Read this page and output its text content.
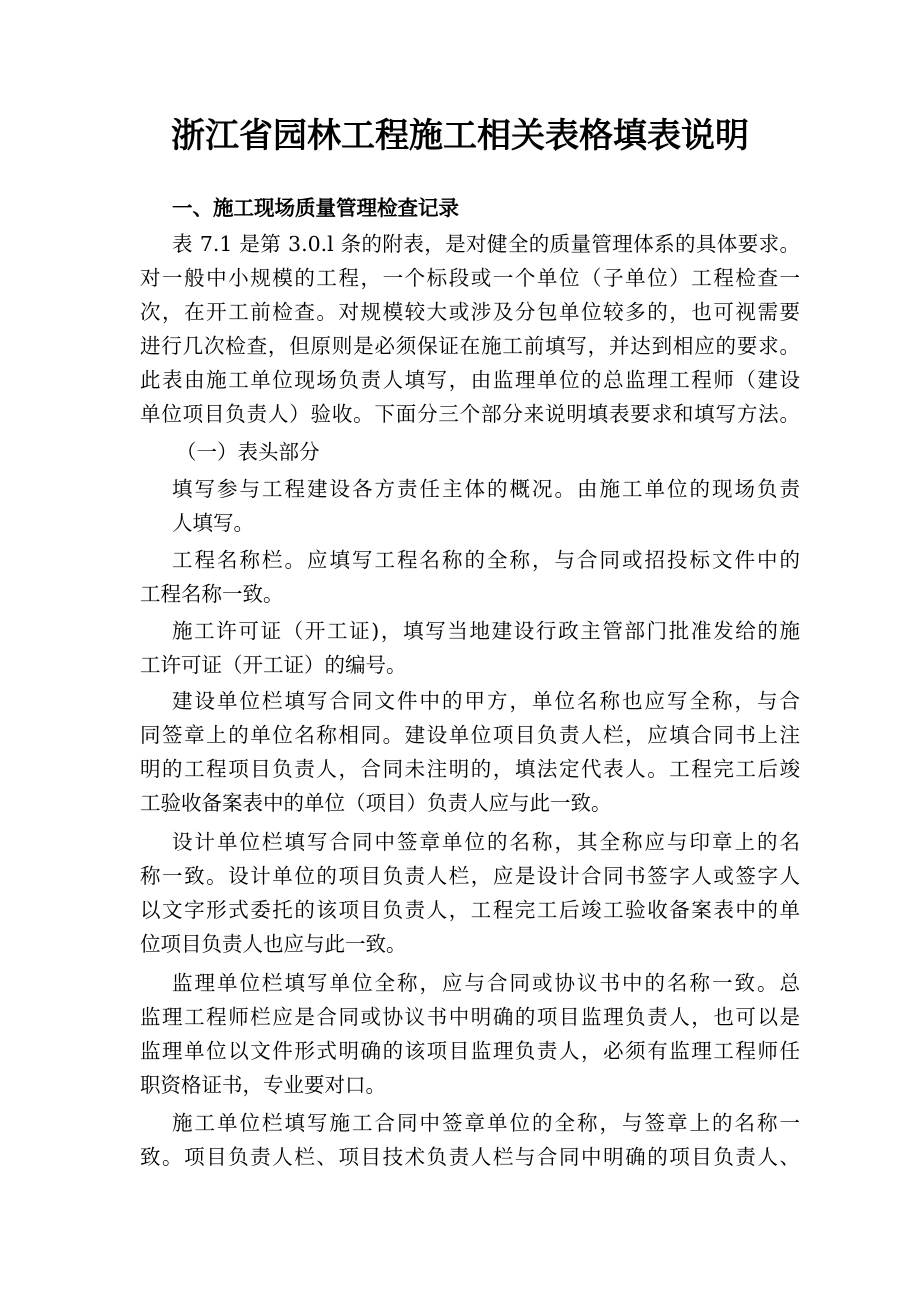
浙江省园林工程施工相关表格填表说明
一、施工现场质量管理检查记录
表 7.1 是第 3.0.l 条的附表，是对健全的质量管理体系的具体要求。
对一般中小规模的工程，一个标段或一个单位（子单位）工程检查一
次，在开工前检查。对规模较大或涉及分包单位较多的，也可视需要
进行几次检查，但原则是必须保证在施工前填写，并达到相应的要求。
此表由施工单位现场负责人填写，由监理单位的总监理工程师（建设
单位项目负责人）验收。下面分三个部分来说明填表要求和填写方法。
（一）表头部分
填写参与工程建设各方责任主体的概况。由施工单位的现场负责
人填写。
工程名称栏。应填写工程名称的全称，与合同或招投标文件中的
工程名称一致。
施工许可证（开工证)，填写当地建设行政主管部门批准发给的施
工许可证（开工证）的编号。
建设单位栏填写合同文件中的甲方，单位名称也应写全称，与合
同签章上的单位名称相同。建设单位项目负责人栏，应填合同书上注
明的工程项目负责人，合同未注明的，填法定代表人。工程完工后竣
工验收备案表中的单位（项目）负责人应与此一致。
设计单位栏填写合同中签章单位的名称，其全称应与印章上的名
称一致。设计单位的项目负责人栏，应是设计合同书签字人或签字人
以文字形式委托的该项目负责人，工程完工后竣工验收备案表中的单
位项目负责人也应与此一致。
监理单位栏填写单位全称，应与合同或协议书中的名称一致。总
监理工程师栏应是合同或协议书中明确的项目监理负责人，也可以是
监理单位以文件形式明确的该项目监理负责人，必须有监理工程师任
职资格证书，专业要对口。
施工单位栏填写施工合同中签章单位的全称，与签章上的名称一
致。项目负责人栏、项目技术负责人栏与合同中明确的项目负责人、
